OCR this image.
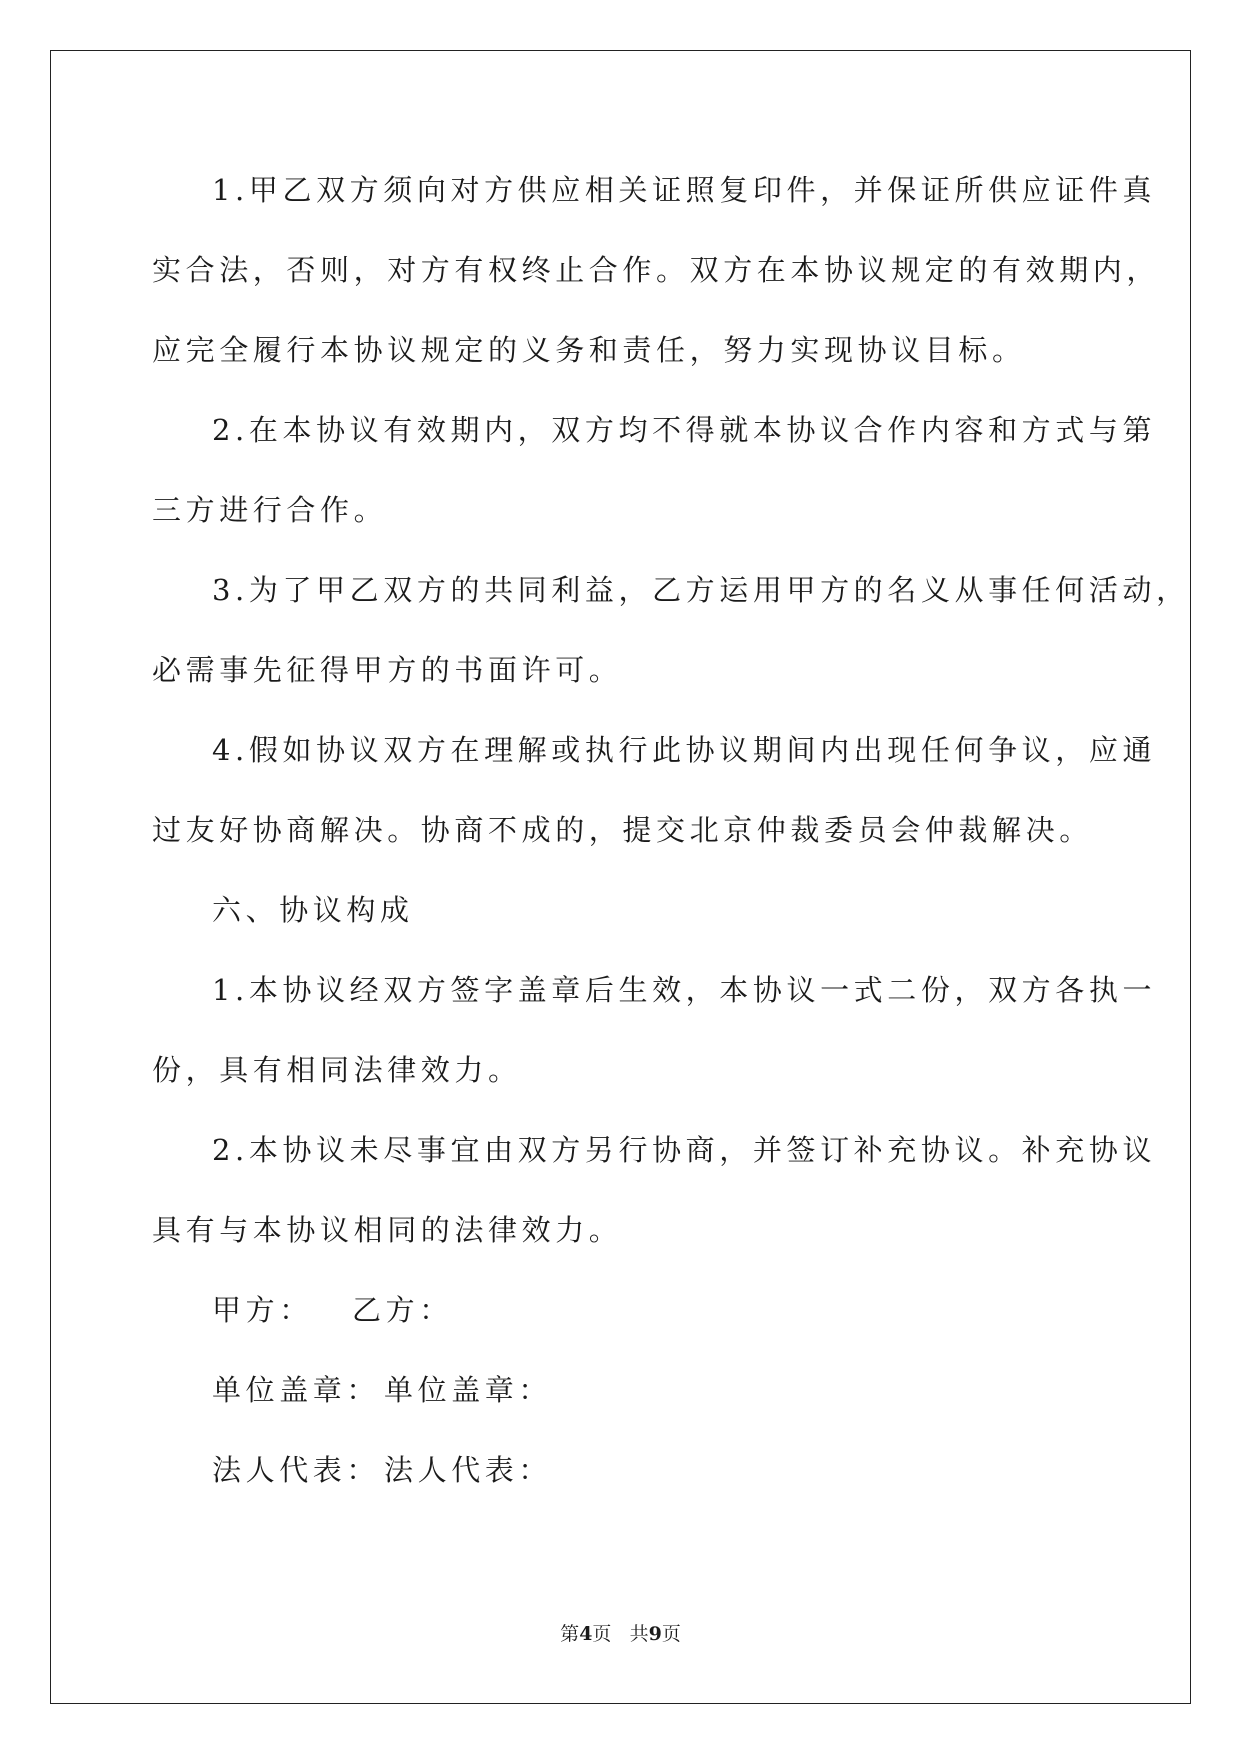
1.甲乙双方须向对方供应相关证照复印件，并保证所供应证件真
实合法，否则，对方有权终止合作。双方在本协议规定的有效期内，
应完全履行本协议规定的义务和责任，努力实现协议目标。
2.在本协议有效期内，双方均不得就本协议合作内容和方式与第
三方进行合作。
3.为了甲乙双方的共同利益，乙方运用甲方的名义从事任何活动，
必需事先征得甲方的书面许可。
4.假如协议双方在理解或执行此协议期间内出现任何争议，应通
过友好协商解决。协商不成的，提交北京仲裁委员会仲裁解决。
六、协议构成
1.本协议经双方签字盖章后生效，本协议一式二份，双方各执一
份，具有相同法律效力。
2.本协议未尽事宜由双方另行协商，并签订补充协议。补充协议
具有与本协议相同的法律效力。
甲方： 乙方：
单位盖章： 单位盖章：
法人代表： 法人代表：
第4页 共9页
